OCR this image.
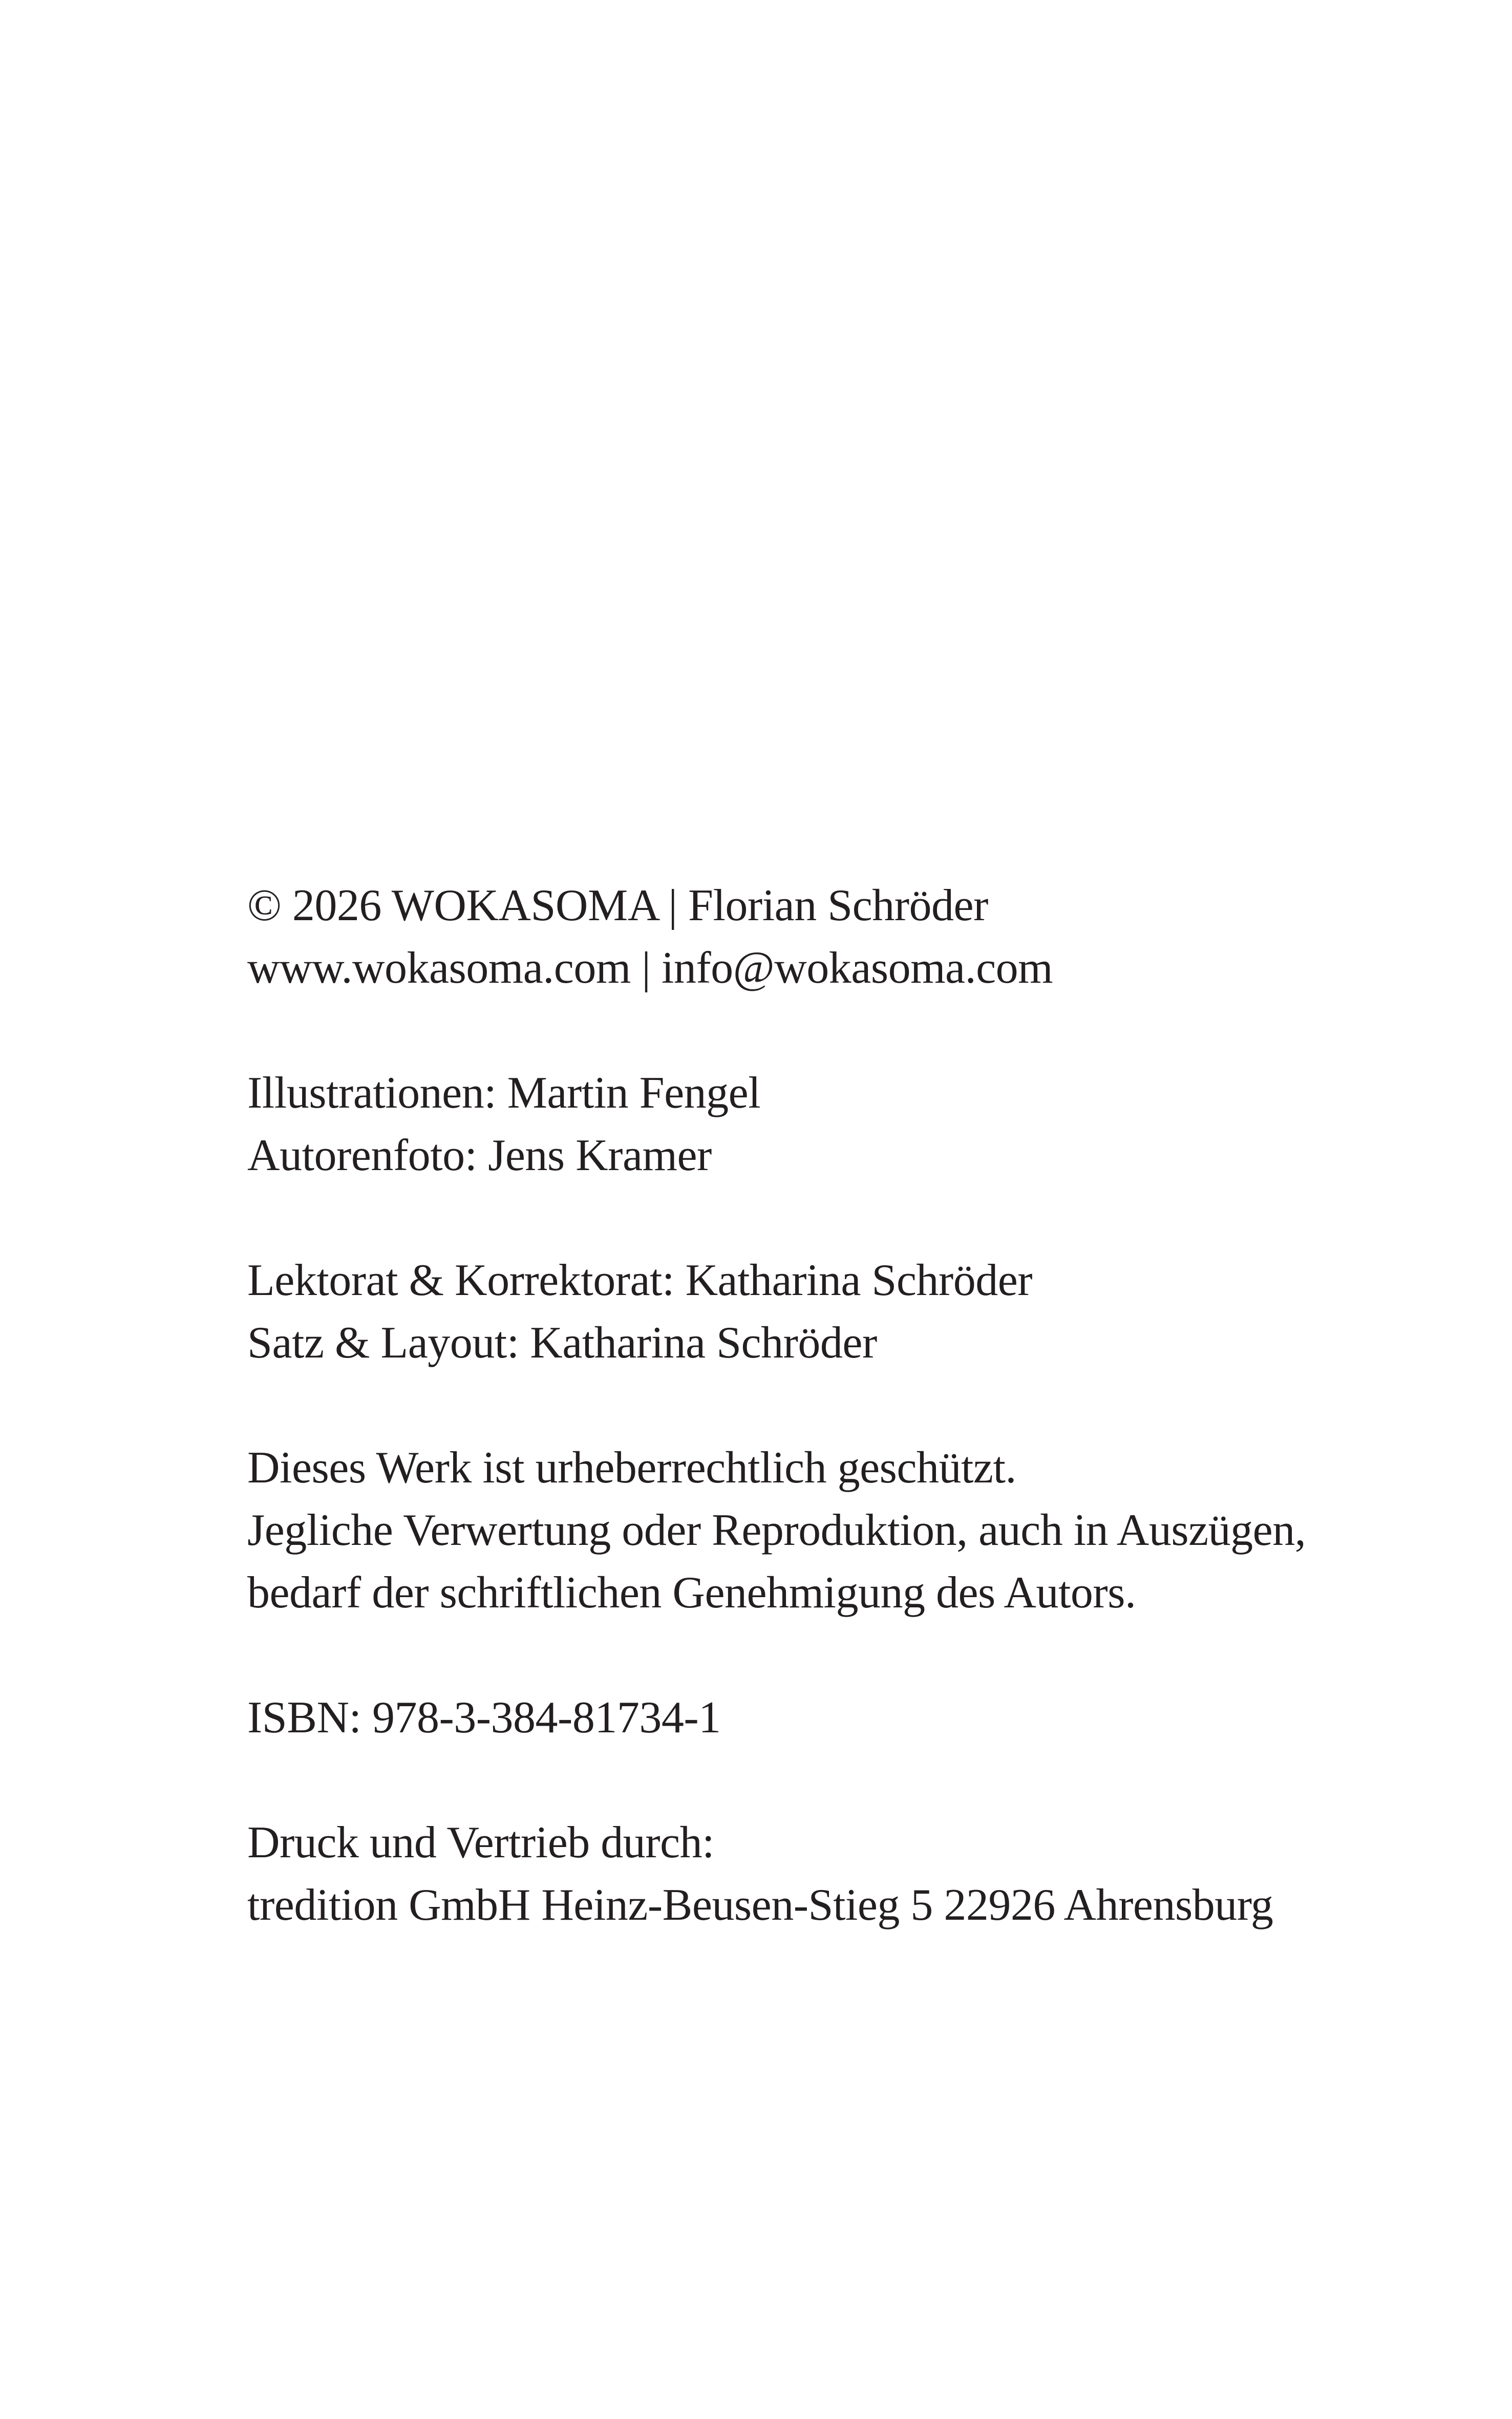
© 2026 WOKASOMA | Florian Schröder
www.wokasoma.com | info@wokasoma.com
Illustrationen: Martin Fengel
Autorenfoto: Jens Kramer
Lektorat & Korrektorat: Katharina Schröder
Satz & Layout: Katharina Schröder
Dieses Werk ist urheberrechtlich geschützt.
Jegliche Verwertung oder Reproduktion, auch in Auszügen,
bedarf der schriftlichen Genehmigung des Autors.
ISBN: 978-3-384-81734-1
Druck und Vertrieb durch:
tredition GmbH Heinz-Beusen-Stieg 5 22926 Ahrensburg
